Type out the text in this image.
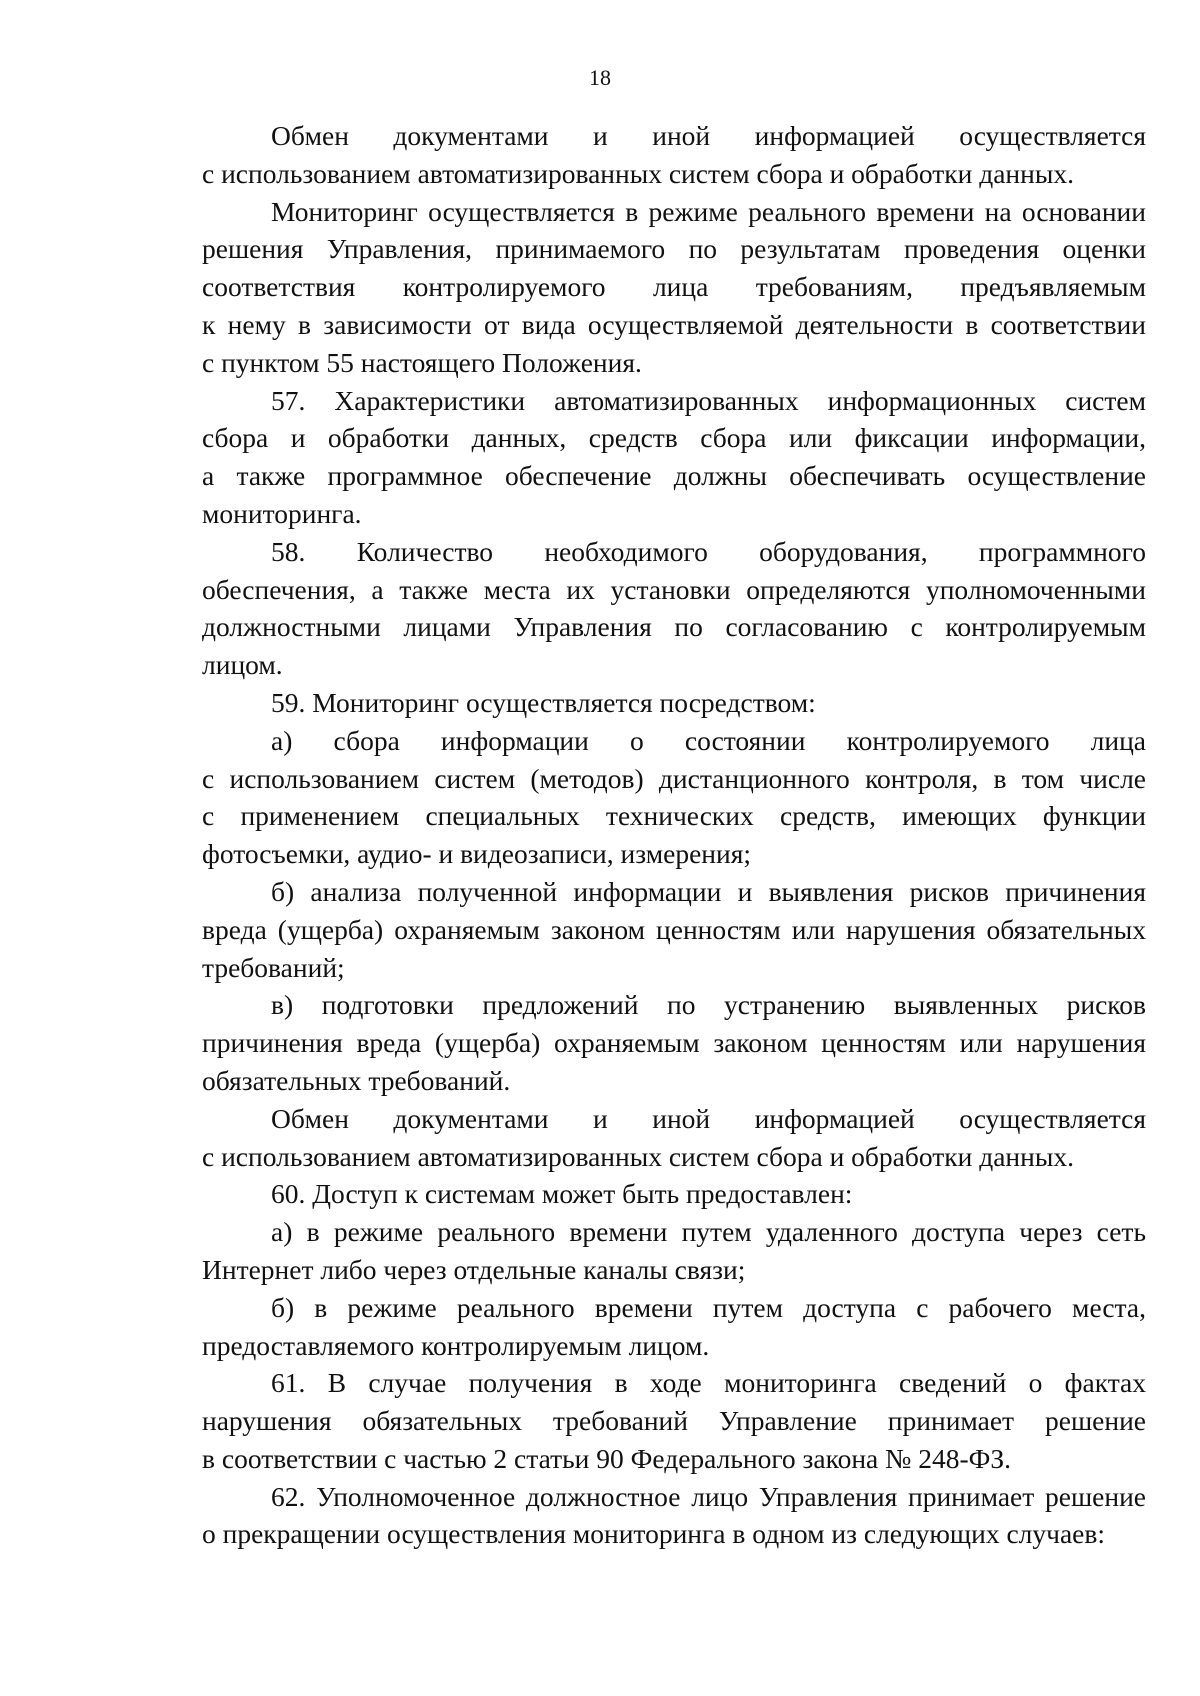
18

Обмен документами и иной информацией осуществляется
с использованием автоматизированных систем сбора и обработки данных.

Мониторинг осуществляется в режиме реального времени на основании
решения Управления, принимаемого по результатам проведения оценки
соответствия контролируемого лица требованиям, предъявляемым
к нему в зависимости от вида осуществляемой деятельности в соответствии
с пунктом 55 настоящего Положения.

57. Характеристики автоматизированных информационных систем
сбора и обработки данных, средств сбора или фиксации информации,
а также программное обеспечение должны обеспечивать осуществление
мониторинга.

58. Количество необходимого оборудования, программного
обеспечения, а также места их установки определяются уполномоченными
должностными лицами Управления по согласованию с контролируемым
лицом.

59. Мониторинг осуществляется посредством:

а) сбора информации о состоянии контролируемого лица
с использованием систем (методов) дистанционного контроля, в том числе
с применением специальных технических средств, имеющих функции
фотосъемки, аудио- и видеозаписи, измерения;

б) анализа полученной информации и выявления рисков причинения
вреда (ущерба) охраняемым законом ценностям или нарушения обязательных
требований;

в) подготовки предложений по устранению выявленных рисков
причинения вреда (ущерба) охраняемым законом ценностям или нарушения
обязательных требований.

Обмен документами и иной информацией осуществляется
с использованием автоматизированных систем сбора и обработки данных.

60. Доступ к системам может быть предоставлен:

а) в режиме реального времени путем удаленного доступа через сеть
Интернет либо через отдельные каналы связи;

б) в режиме реального времени путем доступа с рабочего места,
предоставляемого контролируемым лицом.

61. В случае получения в ходе мониторинга сведений о фактах
нарушения обязательных требований Управление принимает решение
в соответствии с частью 2 статьи 90 Федерального закона № 248-ФЗ.

62. Уполномоченное должностное лицо Управления принимает решение
о прекращении осуществления мониторинга в одном из следующих случаев:
